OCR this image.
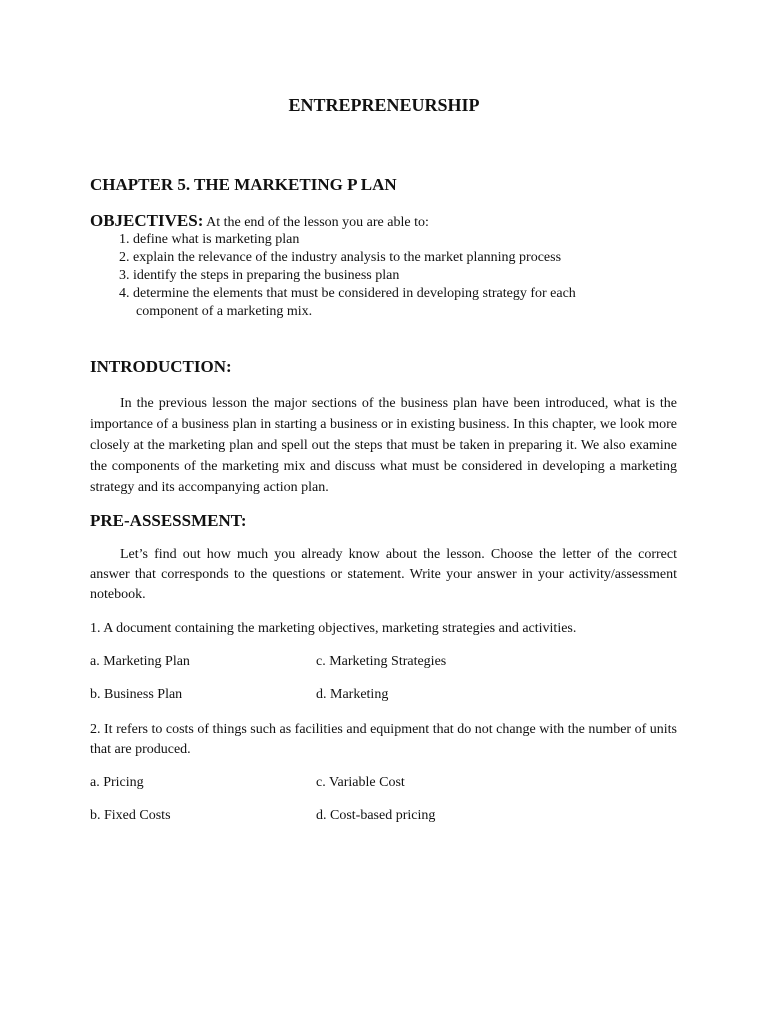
ENTREPRENEURSHIP
CHAPTER 5. THE MARKETING P LAN
OBJECTIVES: At the end of the lesson you are able to:
1. define what is marketing plan
2. explain the relevance of the industry analysis to the market planning process
3. identify the steps in preparing the business plan
4. determine the elements that must be considered in developing strategy for each
component of a marketing mix.
INTRODUCTION:
In the previous lesson the major sections of the business plan have been introduced, what is the importance of a business plan in starting a business or in existing business. In this chapter, we look more closely at the marketing plan and spell out the steps that must be taken in preparing it. We also examine the components of the marketing mix and discuss what must be considered in developing a marketing strategy and its accompanying action plan.
PRE-ASSESSMENT:
Let’s find out how much you already know about the lesson. Choose the letter of the correct answer that corresponds to the questions or statement. Write your answer in your activity/assessment notebook.
1. A document containing the marketing objectives, marketing strategies and activities.
a. Marketing Plan	c. Marketing Strategies
b. Business Plan	d. Marketing
2. It refers to costs of things such as facilities and equipment that do not change with the number of units that are produced.
a. Pricing	c. Variable Cost
b. Fixed Costs	d. Cost-based pricing
